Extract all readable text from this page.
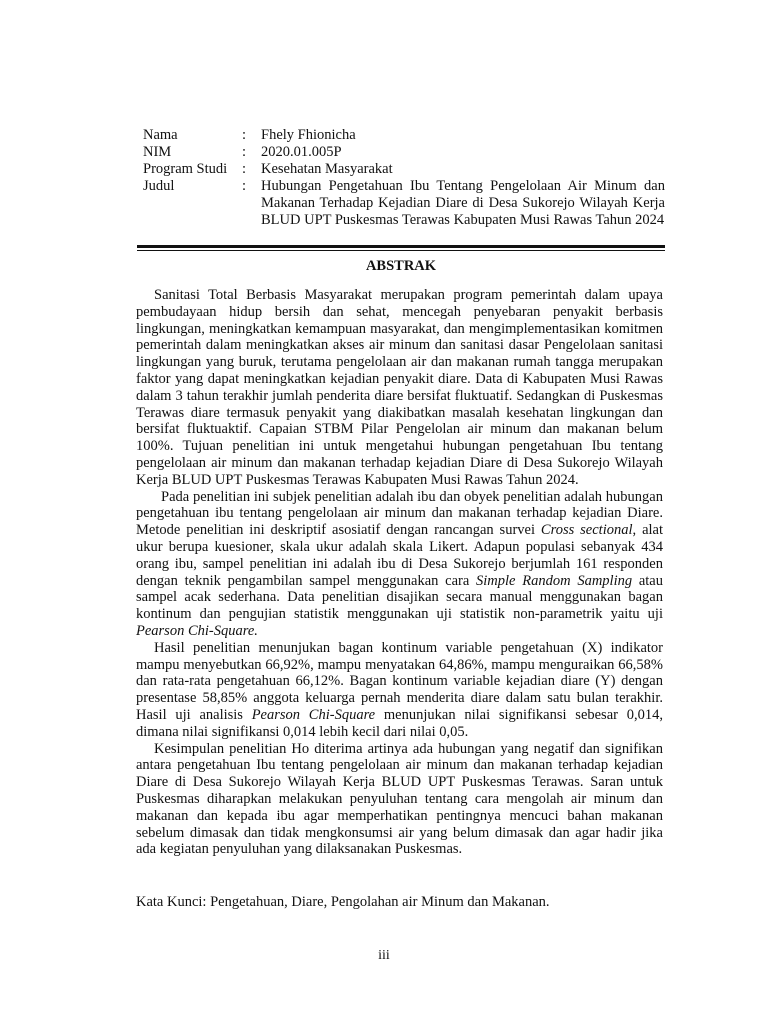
Nama	:	Fhely Fhionicha
NIM	:	2020.01.005P
Program Studi	:	Kesehatan Masyarakat
Judul	:	Hubungan Pengetahuan Ibu Tentang Pengelolaan Air Minum dan Makanan Terhadap Kejadian Diare di Desa Sukorejo Wilayah Kerja BLUD UPT Puskesmas Terawas Kabupaten Musi Rawas Tahun 2024
ABSTRAK

Sanitasi Total Berbasis Masyarakat merupakan program pemerintah dalam upaya pembudayaan hidup bersih dan sehat, mencegah penyebaran penyakit berbasis lingkungan, meningkatkan kemampuan masyarakat, dan mengimplementasikan komitmen pemerintah dalam meningkatkan akses air minum dan sanitasi dasar Pengelolaan sanitasi lingkungan yang buruk, terutama pengelolaan air dan makanan rumah tangga merupakan faktor yang dapat meningkatkan kejadian penyakit diare. Data di Kabupaten Musi Rawas dalam 3 tahun terakhir jumlah penderita diare bersifat fluktuatif. Sedangkan di Puskesmas Terawas diare termasuk penyakit yang diakibatkan masalah kesehatan lingkungan dan bersifat fluktuaktif. Capaian STBM Pilar Pengelolan air minum dan makanan belum 100%. Tujuan penelitian ini untuk mengetahui hubungan pengetahuan Ibu tentang pengelolaan air minum dan makanan terhadap kejadian Diare di Desa Sukorejo Wilayah Kerja BLUD UPT Puskesmas Terawas Kabupaten Musi Rawas Tahun 2024.

Pada penelitian ini subjek penelitian adalah ibu dan obyek penelitian adalah hubungan pengetahuan ibu tentang pengelolaan air minum dan makanan terhadap kejadian Diare. Metode penelitian ini deskriptif asosiatif dengan rancangan survei Cross sectional, alat ukur berupa kuesioner, skala ukur adalah skala Likert. Adapun populasi sebanyak 434 orang ibu, sampel penelitian ini adalah ibu di Desa Sukorejo berjumlah 161 responden dengan teknik pengambilan sampel menggunakan cara Simple Random Sampling atau sampel acak sederhana. Data penelitian disajikan secara manual menggunakan bagan kontinum dan pengujian statistik menggunakan uji statistik non-parametrik yaitu uji Pearson Chi-Square.

Hasil penelitian menunjukan bagan kontinum variable pengetahuan (X) indikator mampu menyebutkan 66,92%, mampu menyatakan 64,86%, mampu menguraikan 66,58% dan rata-rata pengetahuan 66,12%. Bagan kontinum variable kejadian diare (Y) dengan presentase 58,85% anggota keluarga pernah menderita diare dalam satu bulan terakhir. Hasil uji analisis Pearson Chi-Square menunjukan nilai signifikansi sebesar 0,014, dimana nilai signifikansi 0,014 lebih kecil dari nilai 0,05.

Kesimpulan penelitian Ho diterima artinya ada hubungan yang negatif dan signifikan antara pengetahuan Ibu tentang pengelolaan air minum dan makanan terhadap kejadian Diare di Desa Sukorejo Wilayah Kerja BLUD UPT Puskesmas Terawas. Saran untuk Puskesmas diharapkan melakukan penyuluhan tentang cara mengolah air minum dan makanan dan kepada ibu agar memperhatikan pentingnya mencuci bahan makanan sebelum dimasak dan tidak mengkonsumsi air yang belum dimasak dan agar hadir jika ada kegiatan penyuluhan yang dilaksanakan Puskesmas.

Kata Kunci: Pengetahuan, Diare, Pengolahan air Minum dan Makanan.
iii
